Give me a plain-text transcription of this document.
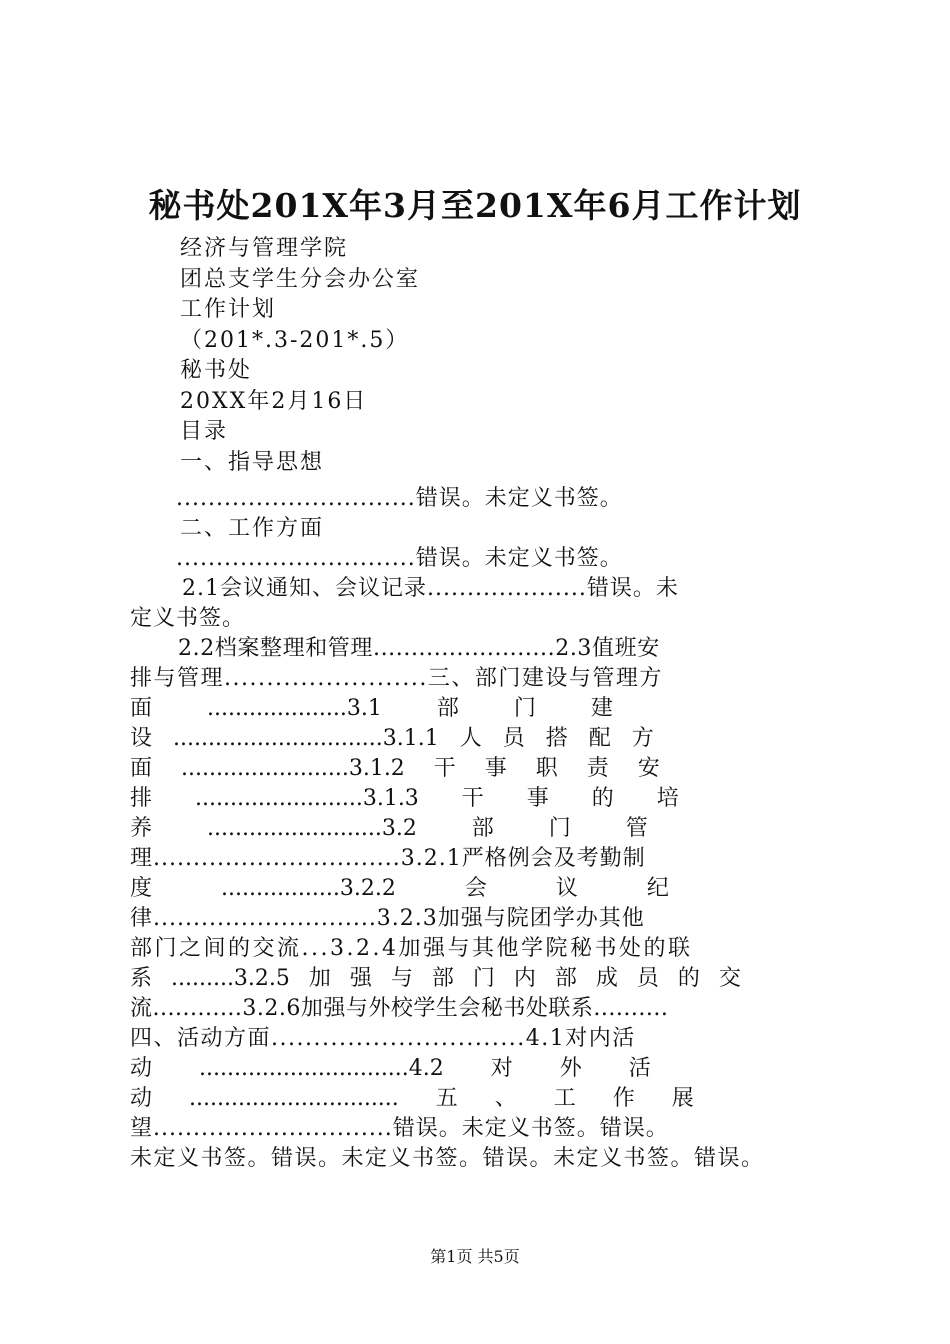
秘书处201X年3月至201X年6月工作计划
经济与管理学院
团总支学生分会办公室
工作计划
（201*.3-201*.5）
秘书处
20XX年2月16日
目录
一、指导思想
..............................错误。未定义书签。
二、工作方面
..............................错误。未定义书签。
2.1会议通知、会议记录....................错误。未
定义书签。
2.2档案整理和管理........................2.3值班安
排与管理........................三、部门建设与管理方
面 ....................3.1 部 门 建
设 ..............................3.1.1 人 员 搭 配 方
面 ........................3.1.2 干 事 职 责 安
排 ........................3.1.3 干 事 的 培
养 .........................3.2 部 门 管
理...............................3.2.1严格例会及考勤制
度 .................3.2.2 会 议 纪
律............................3.2.3加强与院团学办其他
部门之间的交流...3.2.4加强与其他学院秘书处的联
系 .........3.2.5 加 强 与 部 门 内 部 成 员 的 交
流............3.2.6加强与外校学生会秘书处联系..........
四、活动方面..............................4.1对内活
动 ..............................4.2 对 外 活
动 .............................. 五 、 工 作 展
望..............................错误。未定义书签。错误。
未定义书签。错误。未定义书签。错误。未定义书签。错误。
第1页 共5页
